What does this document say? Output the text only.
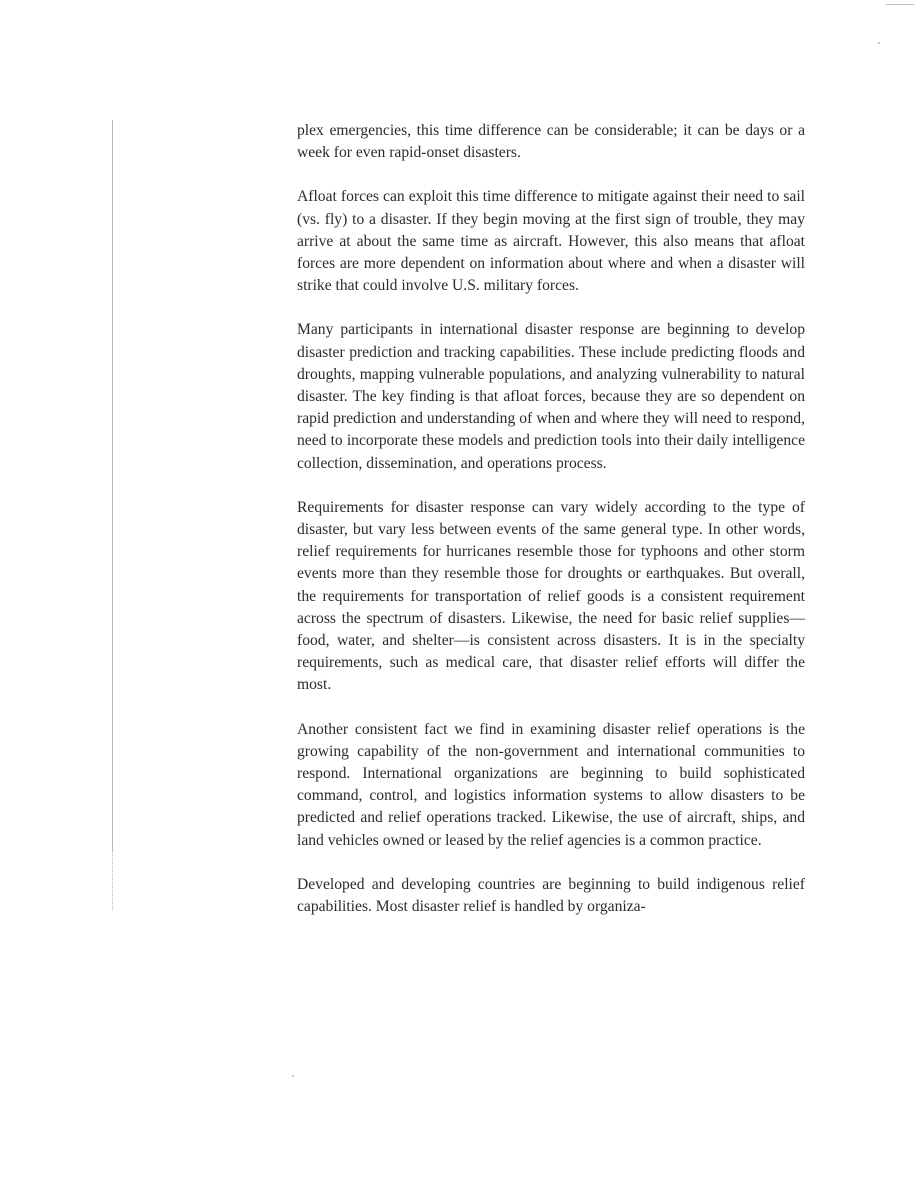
plex emergencies, this time difference can be considerable; it can be days or a week for even rapid-onset disasters.

Afloat forces can exploit this time difference to mitigate against their need to sail (vs. fly) to a disaster. If they begin moving at the first sign of trouble, they may arrive at about the same time as aircraft. However, this also means that afloat forces are more dependent on information about where and when a disaster will strike that could involve U.S. military forces.

Many participants in international disaster response are beginning to develop disaster prediction and tracking capabilities. These include predicting floods and droughts, mapping vulnerable populations, and analyzing vulnerability to natural disaster. The key finding is that afloat forces, because they are so dependent on rapid prediction and understanding of when and where they will need to respond, need to incorporate these models and prediction tools into their daily intelligence collection, dissemination, and operations process.

Requirements for disaster response can vary widely according to the type of disaster, but vary less between events of the same general type. In other words, relief requirements for hurricanes resemble those for typhoons and other storm events more than they resemble those for droughts or earthquakes. But overall, the requirements for transportation of relief goods is a consistent requirement across the spectrum of disasters. Likewise, the need for basic relief supplies—food, water, and shelter—is consistent across disasters. It is in the specialty requirements, such as medical care, that disaster relief efforts will differ the most.

Another consistent fact we find in examining disaster relief operations is the growing capability of the non-government and international communities to respond. International organizations are beginning to build sophisticated command, control, and logistics information systems to allow disasters to be predicted and relief operations tracked. Likewise, the use of aircraft, ships, and land vehicles owned or leased by the relief agencies is a common practice.

Developed and developing countries are beginning to build indigenous relief capabilities. Most disaster relief is handled by organiza-
